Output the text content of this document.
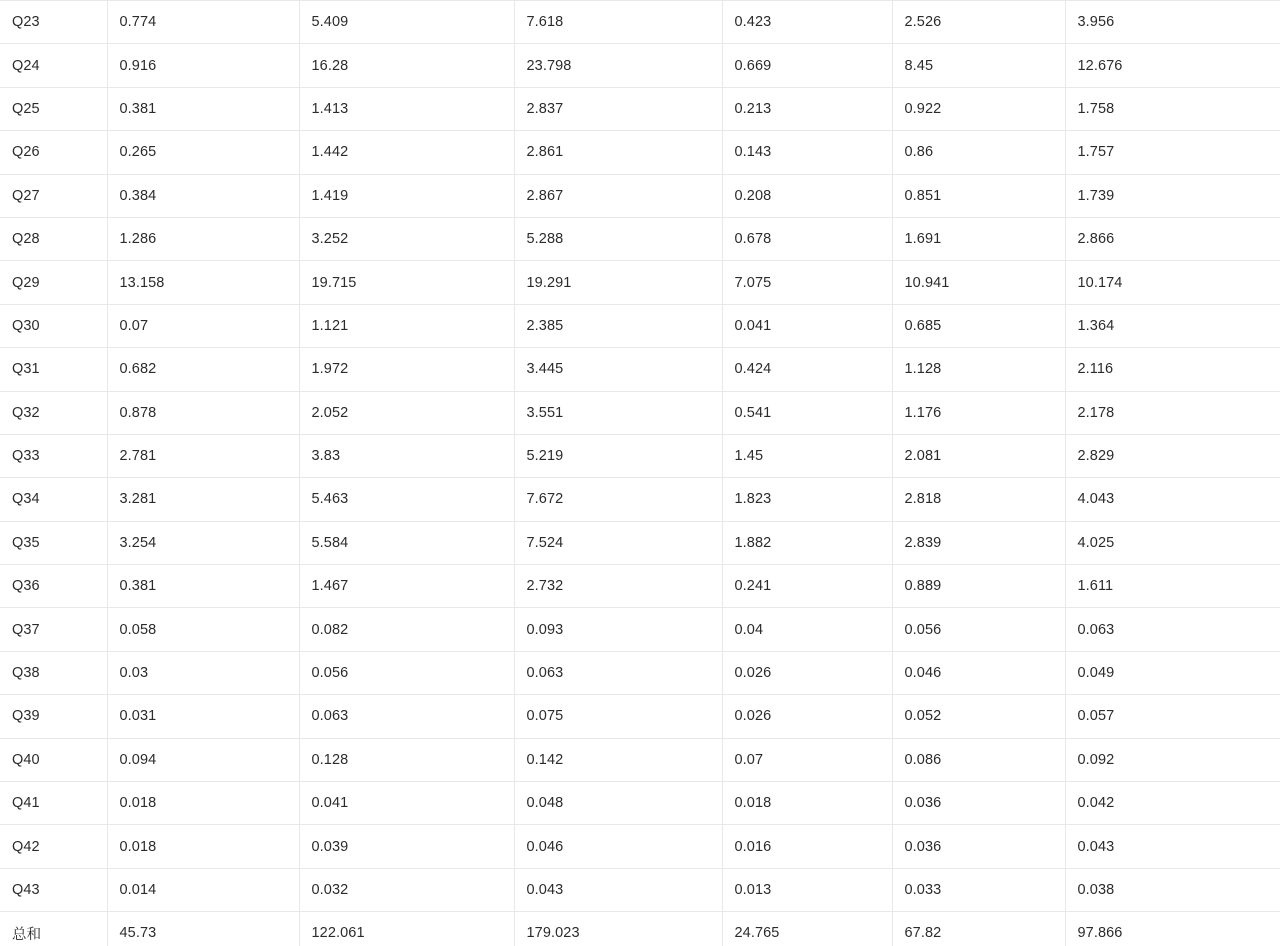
Q23	0.774	5.409	7.618	0.423	2.526	3.956
Q24	0.916	16.28	23.798	0.669	8.45	12.676
Q25	0.381	1.413	2.837	0.213	0.922	1.758
Q26	0.265	1.442	2.861	0.143	0.86	1.757
Q27	0.384	1.419	2.867	0.208	0.851	1.739
Q28	1.286	3.252	5.288	0.678	1.691	2.866
Q29	13.158	19.715	19.291	7.075	10.941	10.174
Q30	0.07	1.121	2.385	0.041	0.685	1.364
Q31	0.682	1.972	3.445	0.424	1.128	2.116
Q32	0.878	2.052	3.551	0.541	1.176	2.178
Q33	2.781	3.83	5.219	1.45	2.081	2.829
Q34	3.281	5.463	7.672	1.823	2.818	4.043
Q35	3.254	5.584	7.524	1.882	2.839	4.025
Q36	0.381	1.467	2.732	0.241	0.889	1.611
Q37	0.058	0.082	0.093	0.04	0.056	0.063
Q38	0.03	0.056	0.063	0.026	0.046	0.049
Q39	0.031	0.063	0.075	0.026	0.052	0.057
Q40	0.094	0.128	0.142	0.07	0.086	0.092
Q41	0.018	0.041	0.048	0.018	0.036	0.042
Q42	0.018	0.039	0.046	0.016	0.036	0.043
Q43	0.014	0.032	0.043	0.013	0.033	0.038
总和	45.73	122.061	179.023	24.765	67.82	97.866
